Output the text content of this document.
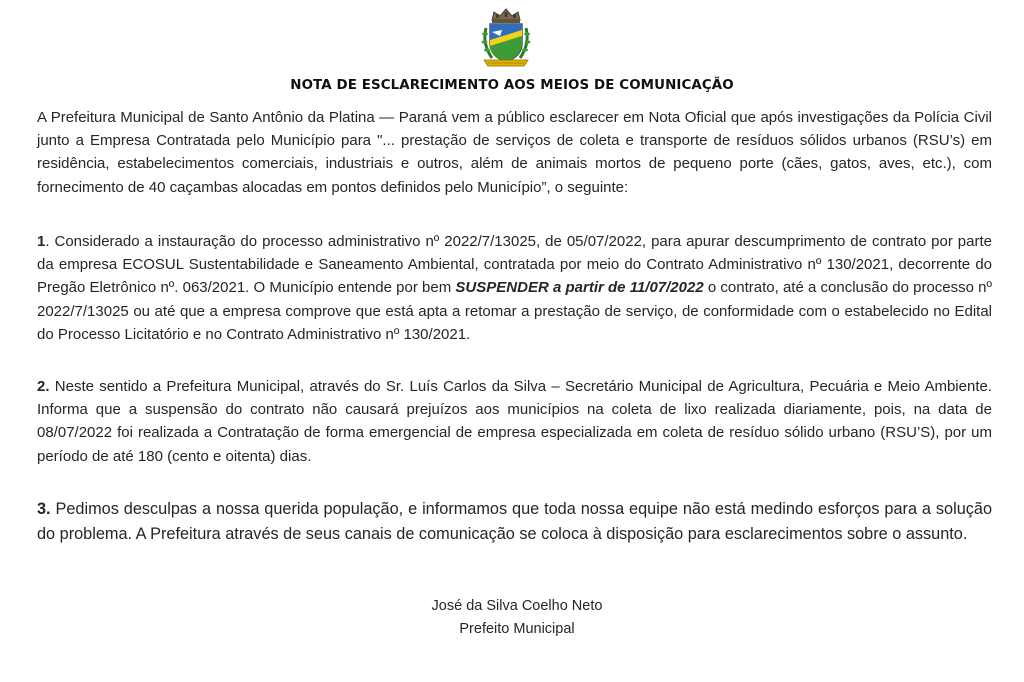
NOTA DE ESCLARECIMENTO AOS MEIOS DE COMUNICAÇÃO

A Prefeitura Municipal de Santo Antônio da Platina — Paraná vem a público esclarecer em Nota Oficial que após investigações da Polícia Civil junto a Empresa Contratada pelo Município para "... prestação de serviços de coleta e transporte de resíduos sólidos urbanos (RSU’s) em residência, estabelecimentos comerciais, industriais e outros, além de animais mortos de pequeno porte (cães, gatos, aves, etc.), com fornecimento de 40 caçambas alocadas em pontos definidos pelo Município”, o seguinte:

1. Considerado a instauração do processo administrativo nº 2022/7/13025, de 05/07/2022, para apurar descumprimento de contrato por parte da empresa ECOSUL Sustentabilidade e Saneamento Ambiental, contratada por meio do Contrato Administrativo nº 130/2021, decorrente do Pregão Eletrônico nº. 063/2021. O Município entende por bem SUSPENDER a partir de 11/07/2022 o contrato, até a conclusão do processo nº 2022/7/13025 ou até que a empresa comprove que está apta a retomar a prestação de serviço, de conformidade com o estabelecido no Edital do Processo Licitatório e no Contrato Administrativo nº 130/2021.

2. Neste sentido a Prefeitura Municipal, através do Sr. Luís Carlos da Silva – Secretário Municipal de Agricultura, Pecuária e Meio Ambiente. Informa que a suspensão do contrato não causará prejuízos aos municípios na coleta de lixo realizada diariamente, pois, na data de 08/07/2022 foi realizada a Contratação de forma emergencial de empresa especializada em coleta de resíduo sólido urbano (RSU’S), por um período de até 180 (cento e oitenta) dias.

3. Pedimos desculpas a nossa querida população, e informamos que toda nossa equipe não está medindo esforços para a solução do problema. A Prefeitura através de seus canais de comunicação se coloca à disposição para esclarecimentos sobre o assunto.

José da Silva Coelho Neto
Prefeito Municipal
